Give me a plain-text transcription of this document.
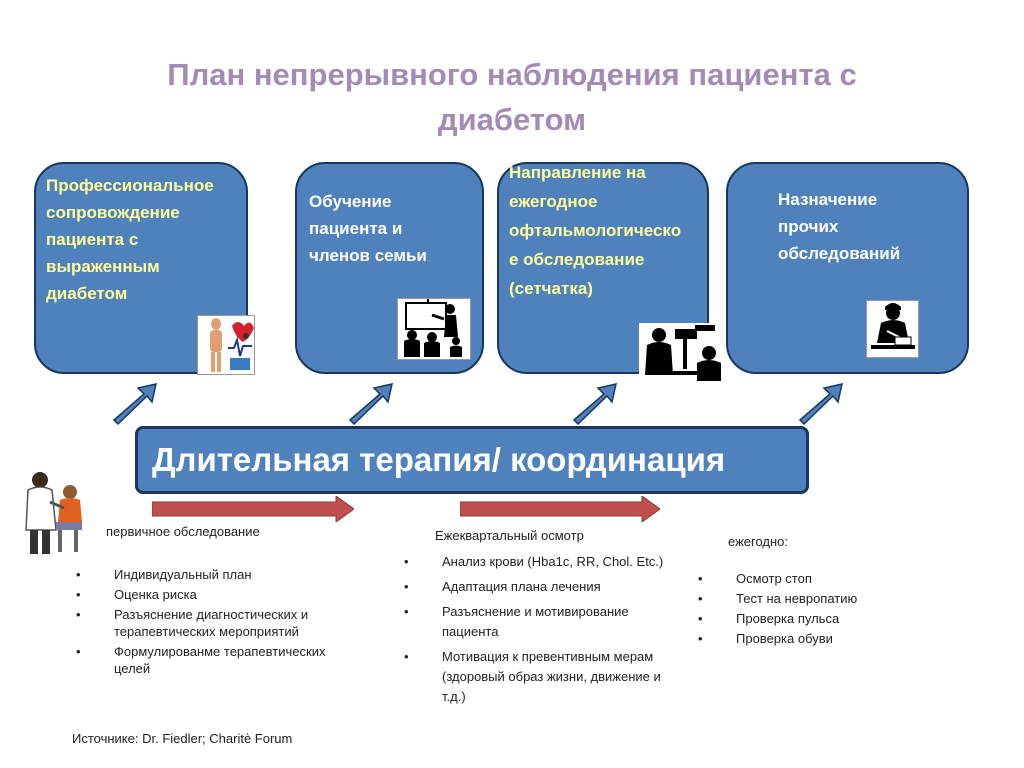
План непрерывного наблюдения пациента с диабетом
Профессиональное
сопровождение
пациента с
выраженным
диабетом
Обучение
пациента и
членов семьи
Направление на
ежегодное
офтальмологическо
е обследование
(сетчатка)
Назначение
прочих
обследований
Длительная терапия/ координация
первичное обследование
•	Индивидуальный план
•	Оценка риска
•	Разъяснение диагностических и терапевтических мероприятий
•	Формулированме терапевтических целей
Ежеквартальный осмотр
•	Анализ крови (Hba1c, RR, Chol. Etc.)
•	Адаптация плана лечения
•	Разъяснение и мотивирование пациента
•	Мотивация к превентивным мерам (здоровый образ жизни, движение и т.д.)
ежегодно:
•	Осмотр стоп
•	Тест на невропатию
•	Проверка пульса
•	Проверка обуви
Источнике: Dr. Fiedler; Charitè Forum
